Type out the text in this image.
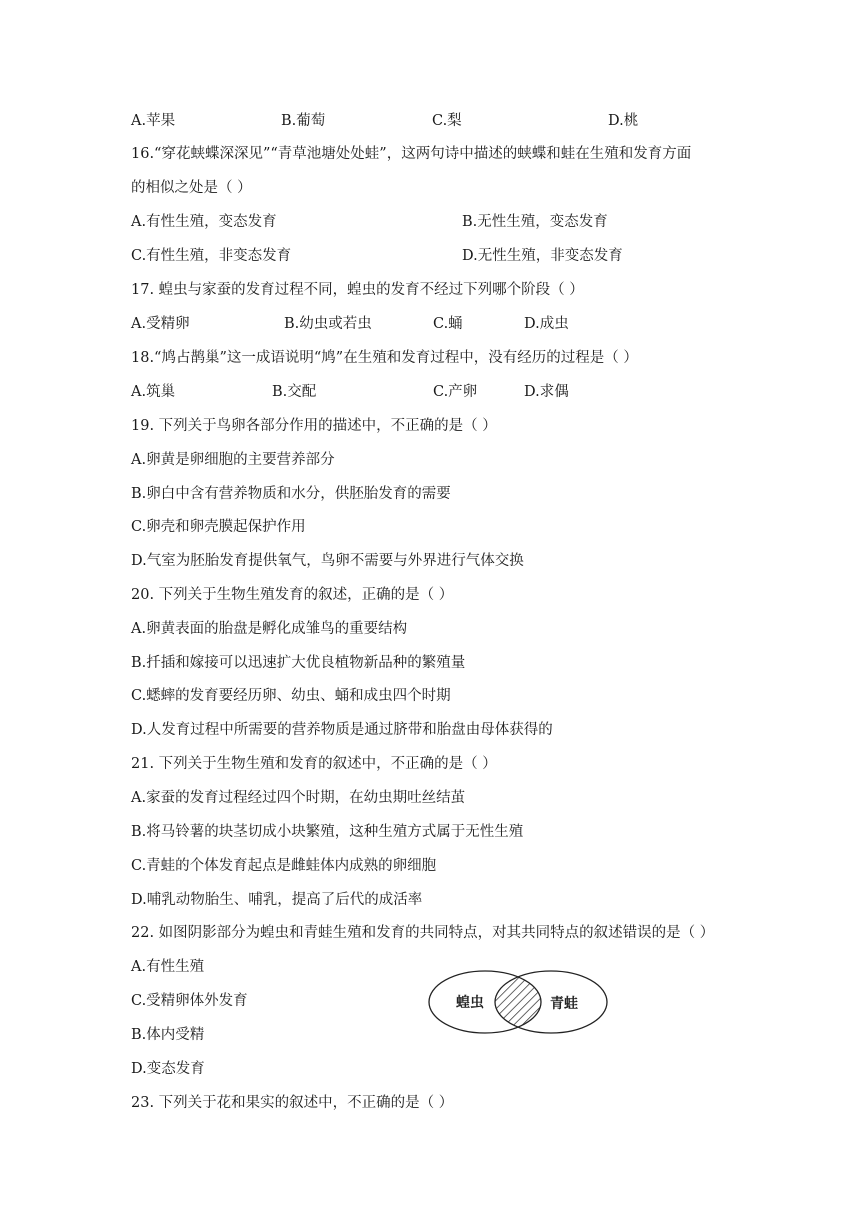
A.苹果	B.葡萄	C.梨	D.桃
16.“穿花蛱蝶深深见”“青草池塘处处蛙”，这两句诗中描述的蛱蝶和蛙在生殖和发育方面
的相似之处是（ ）
A.有性生殖，变态发育	B.无性生殖，变态发育
C.有性生殖，非变态发育	D.无性生殖，非变态发育
17. 蝗虫与家蚕的发育过程不同，蝗虫的发育不经过下列哪个阶段（ ）
A.受精卵	B.幼虫或若虫	C.蛹	D.成虫
18.“鸠占鹊巢”这一成语说明“鸠”在生殖和发育过程中，没有经历的过程是（ ）
A.筑巢	B.交配	C.产卵	D.求偶
19. 下列关于鸟卵各部分作用的描述中，不正确的是（ ）
A.卵黄是卵细胞的主要营养部分
B.卵白中含有营养物质和水分，供胚胎发育的需要
C.卵壳和卵壳膜起保护作用
D.气室为胚胎发育提供氧气，鸟卵不需要与外界进行气体交换
20. 下列关于生物生殖发育的叙述，正确的是（ ）
A.卵黄表面的胎盘是孵化成雏鸟的重要结构
B.扦插和嫁接可以迅速扩大优良植物新品种的繁殖量
C.蟋蟀的发育要经历卵、幼虫、蛹和成虫四个时期
D.人发育过程中所需要的营养物质是通过脐带和胎盘由母体获得的
21. 下列关于生物生殖和发育的叙述中，不正确的是（ ）
A.家蚕的发育过程经过四个时期，在幼虫期吐丝结茧
B.将马铃薯的块茎切成小块繁殖，这种生殖方式属于无性生殖
C.青蛙的个体发育起点是雌蛙体内成熟的卵细胞
D.哺乳动物胎生、哺乳，提高了后代的成活率
22. 如图阴影部分为蝗虫和青蛙生殖和发育的共同特点，对其共同特点的叙述错误的是（ ）
A.有性生殖
C.受精卵体外发育
B.体内受精
D.变态发育
蝗虫	青蛙
23. 下列关于花和果实的叙述中，不正确的是（ ）
